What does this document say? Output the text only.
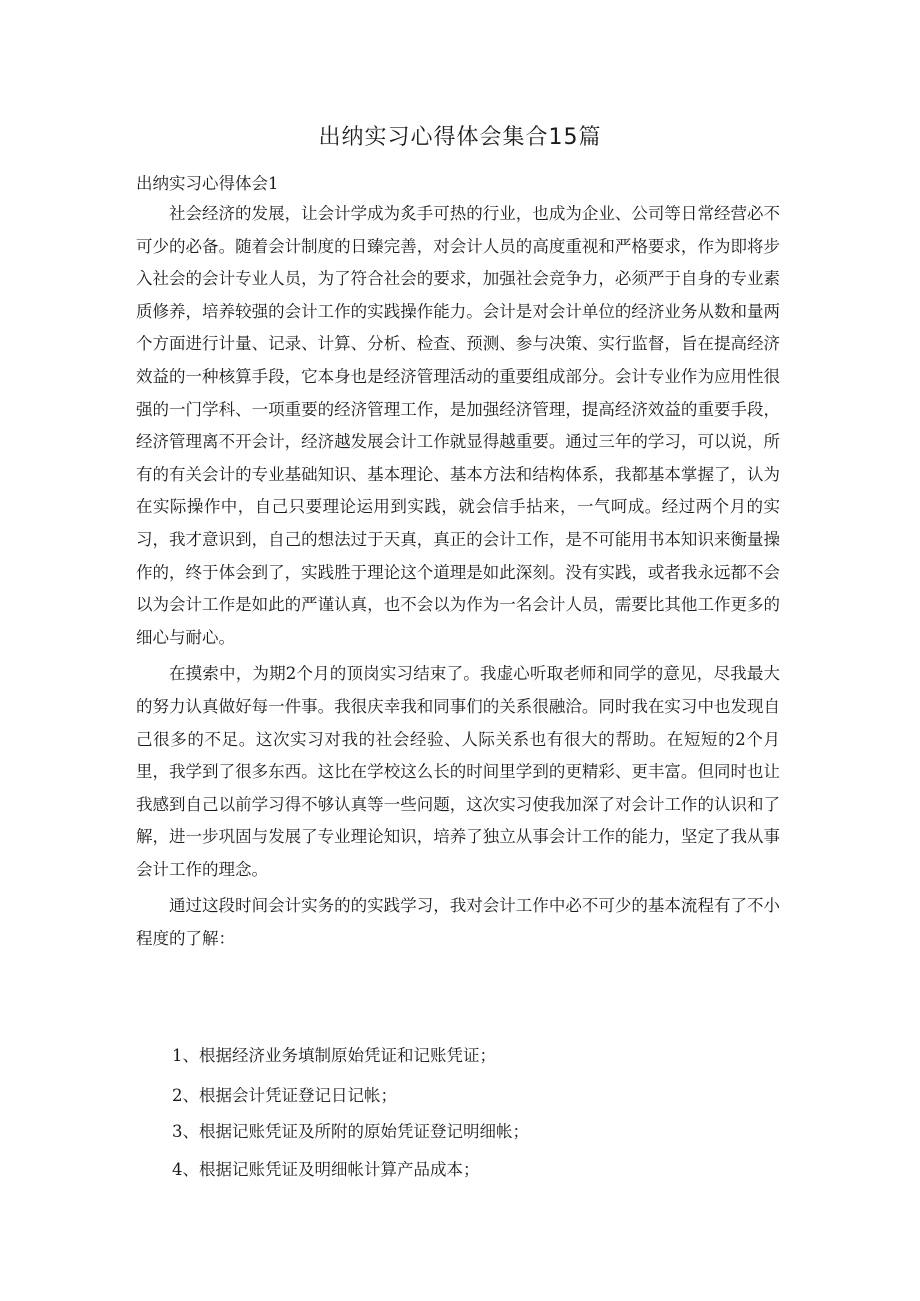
出纳实习心得体会集合15篇

出纳实习心得体会1

社会经济的发展，让会计学成为炙手可热的行业，也成为企业、公司等日常经营必不可少的必备。随着会计制度的日臻完善，对会计人员的高度重视和严格要求，作为即将步入社会的会计专业人员，为了符合社会的要求，加强社会竞争力，必须严于自身的专业素质修养，培养较强的会计工作的实践操作能力。会计是对会计单位的经济业务从数和量两个方面进行计量、记录、计算、分析、检查、预测、参与决策、实行监督，旨在提高经济效益的一种核算手段，它本身也是经济管理活动的重要组成部分。会计专业作为应用性很强的一门学科、一项重要的经济管理工作，是加强经济管理，提高经济效益的重要手段，经济管理离不开会计，经济越发展会计工作就显得越重要。通过三年的学习，可以说，所有的有关会计的专业基础知识、基本理论、基本方法和结构体系，我都基本掌握了，认为在实际操作中，自己只要理论运用到实践，就会信手拈来，一气呵成。经过两个月的实习，我才意识到，自己的想法过于天真，真正的会计工作，是不可能用书本知识来衡量操作的，终于体会到了，实践胜于理论这个道理是如此深刻。没有实践，或者我永远都不会以为会计工作是如此的严谨认真，也不会以为作为一名会计人员，需要比其他工作更多的细心与耐心。

在摸索中，为期2个月的顶岗实习结束了。我虚心听取老师和同学的意见，尽我最大的努力认真做好每一件事。我很庆幸我和同事们的关系很融洽。同时我在实习中也发现自己很多的不足。这次实习对我的社会经验、人际关系也有很大的帮助。在短短的2个月里，我学到了很多东西。这比在学校这么长的时间里学到的更精彩、更丰富。但同时也让我感到自己以前学习得不够认真等一些问题，这次实习使我加深了对会计工作的认识和了解，进一步巩固与发展了专业理论知识，培养了独立从事会计工作的能力，坚定了我从事会计工作的理念。

通过这段时间会计实务的的实践学习，我对会计工作中必不可少的基本流程有了不小程度的了解：

1、根据经济业务填制原始凭证和记账凭证；

2、根据会计凭证登记日记帐；

3、根据记账凭证及所附的原始凭证登记明细帐；

4、根据记账凭证及明细帐计算产品成本；
